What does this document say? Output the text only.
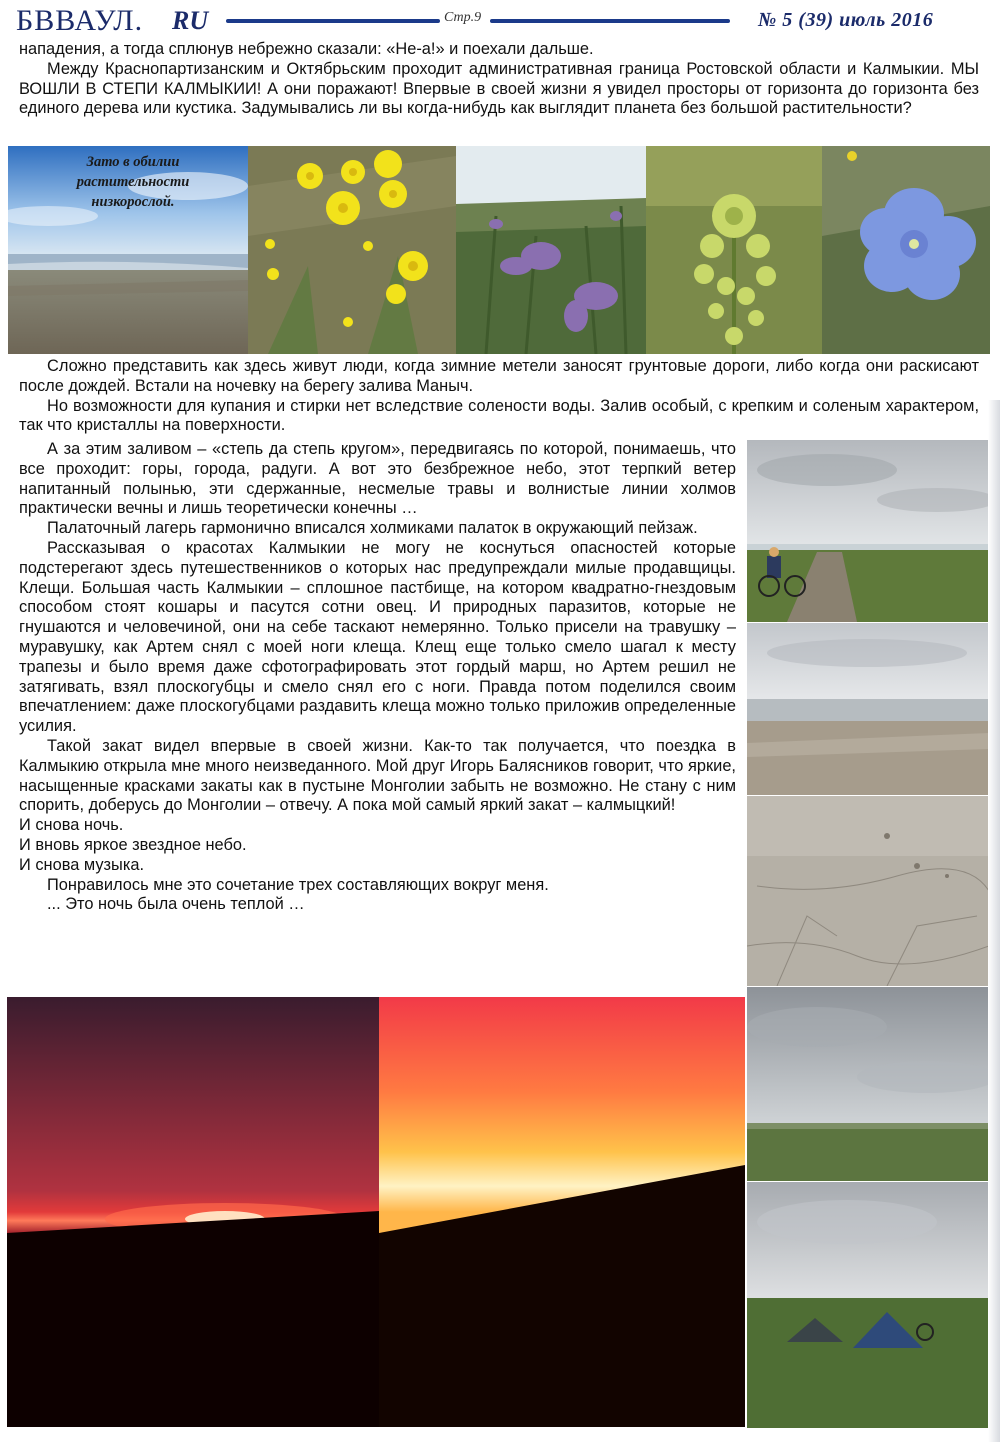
БВВАУЛ. RU	Стр.9	№ 5 (39) июль 2016

нападения, а тогда сплюнув небрежно сказали: «Не-а!» и поехали дальше.

Между Краснопартизанским и Октябрьским проходит административная граница Ростовской области и Калмыкии. МЫ ВОШЛИ В СТЕПИ КАЛМЫКИИ! А они поражают! Впервые в своей жизни я увидел просторы от горизонта до горизонта без единого дерева или кустика. Задумывались ли вы когда-нибудь как выглядит планета без большой растительности?

Зато в обилии растительности низкорослой.

Сложно представить как здесь живут люди, когда зимние метели заносят грунтовые дороги, либо когда они раскисают после дождей. Встали на ночевку на берегу залива Маныч.

Но возможности для купания и стирки нет вследствие солености воды. Залив особый, с крепким и соленым характером, так что кристаллы на поверхности.

А за этим заливом – «степь да степь кругом», передвигаясь по которой, понимаешь, что все проходит: горы, города, радуги. А вот это безбрежное небо, этот терпкий ветер напитанный полынью, эти сдержанные, несмелые травы и волнистые линии холмов практически вечны и лишь теоретически конечны …

Палаточный лагерь гармонично вписался холмиками палаток в окружающий пейзаж.

Рассказывая о красотах Калмыкии не могу не коснуться опасностей которые подстерегают здесь путешественников о которых нас предупреждали милые продавщицы. Клещи. Большая часть Калмыкии – сплошное пастбище, на котором квадратно-гнездовым способом стоят кошары и пасутся сотни овец. И природных паразитов, которые не гнушаются и человечиной, они на себе таскают немерянно. Только присели на травушку – муравушку, как Артем снял с моей ноги клеща. Клещ еще только смело шагал к месту трапезы и было время даже сфотографировать этот гордый марш, но Артем решил не затягивать, взял плоскогубцы и смело снял его с ноги. Правда потом поделился своим впечатлением: даже плоскогубцами раздавить клеща можно только приложив определенные усилия.

Такой закат видел впервые в своей жизни. Как-то так получается, что поездка в Калмыкию открыла мне много неизведанного. Мой друг Игорь Балясников говорит, что яркие, насыщенные красками закаты как в пустыне Монголии забыть не возможно. Не стану с ним спорить, доберусь до Монголии – отвечу. А пока мой самый яркий закат – калмыцкий!

И снова ночь.

И вновь яркое звездное небо.

И снова музыка.

Понравилось мне это сочетание трех составляющих вокруг меня.

... Это ночь была очень теплой …
